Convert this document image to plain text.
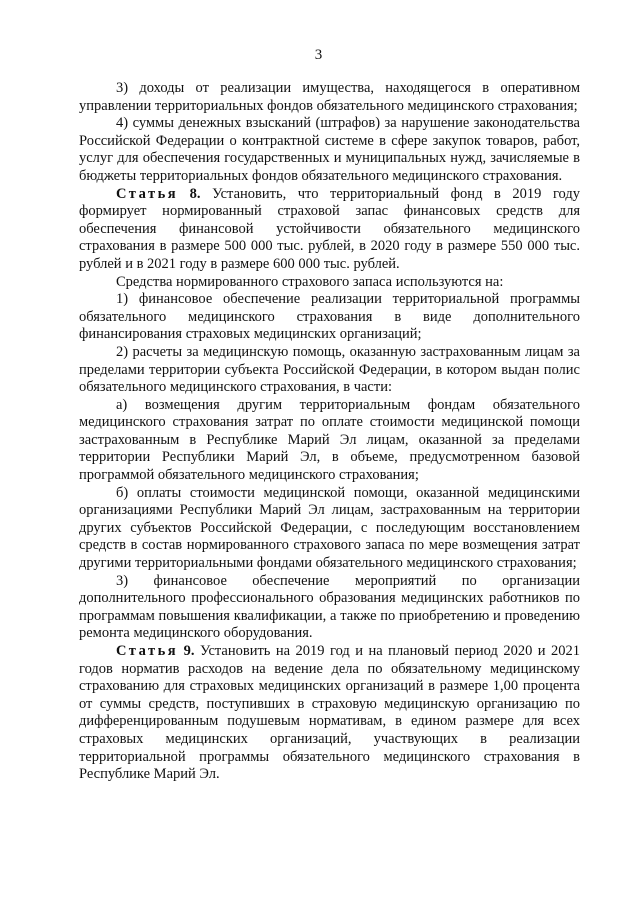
3

3) доходы от реализации имущества, находящегося в оперативном управлении территориальных фондов обязательного медицинского страхования;

4) суммы денежных взысканий (штрафов) за нарушение законодательства Российской Федерации о контрактной системе в сфере закупок товаров, работ, услуг для обеспечения государственных и муниципальных нужд, зачисляемые в бюджеты территориальных фондов обязательного медицинского страхования.

Статья 8. Установить, что территориальный фонд в 2019 году формирует нормированный страховой запас финансовых средств для обеспечения финансовой устойчивости обязательного медицинского страхования в размере 500 000 тыс. рублей, в 2020 году в размере 550 000 тыс. рублей и в 2021 году в размере 600 000 тыс. рублей.

Средства нормированного страхового запаса используются на:

1) финансовое обеспечение реализации территориальной программы обязательного медицинского страхования в виде дополнительного финансирования страховых медицинских организаций;

2) расчеты за медицинскую помощь, оказанную застрахованным лицам за пределами территории субъекта Российской Федерации, в котором выдан полис обязательного медицинского страхования, в части:

а) возмещения другим территориальным фондам обязательного медицинского страхования затрат по оплате стоимости медицинской помощи застрахованным в Республике Марий Эл лицам, оказанной за пределами территории Республики Марий Эл, в объеме, предусмотренном базовой программой обязательного медицинского страхования;

б) оплаты стоимости медицинской помощи, оказанной медицинскими организациями Республики Марий Эл лицам, застрахованным на территории других субъектов Российской Федерации, с последующим восстановлением средств в состав нормированного страхового запаса по мере возмещения затрат другими территориальными фондами обязательного медицинского страхования;

3) финансовое обеспечение мероприятий по организации дополнительного профессионального образования медицинских работников по программам повышения квалификации, а также по приобретению и проведению ремонта медицинского оборудования.

Статья 9. Установить на 2019 год и на плановый период 2020 и 2021 годов норматив расходов на ведение дела по обязательному медицинскому страхованию для страховых медицинских организаций в размере 1,00 процента от суммы средств, поступивших в страховую медицинскую организацию по дифференцированным подушевым нормативам, в едином размере для всех страховых медицинских организаций, участвующих в реализации территориальной программы обязательного медицинского страхования в Республике Марий Эл.
